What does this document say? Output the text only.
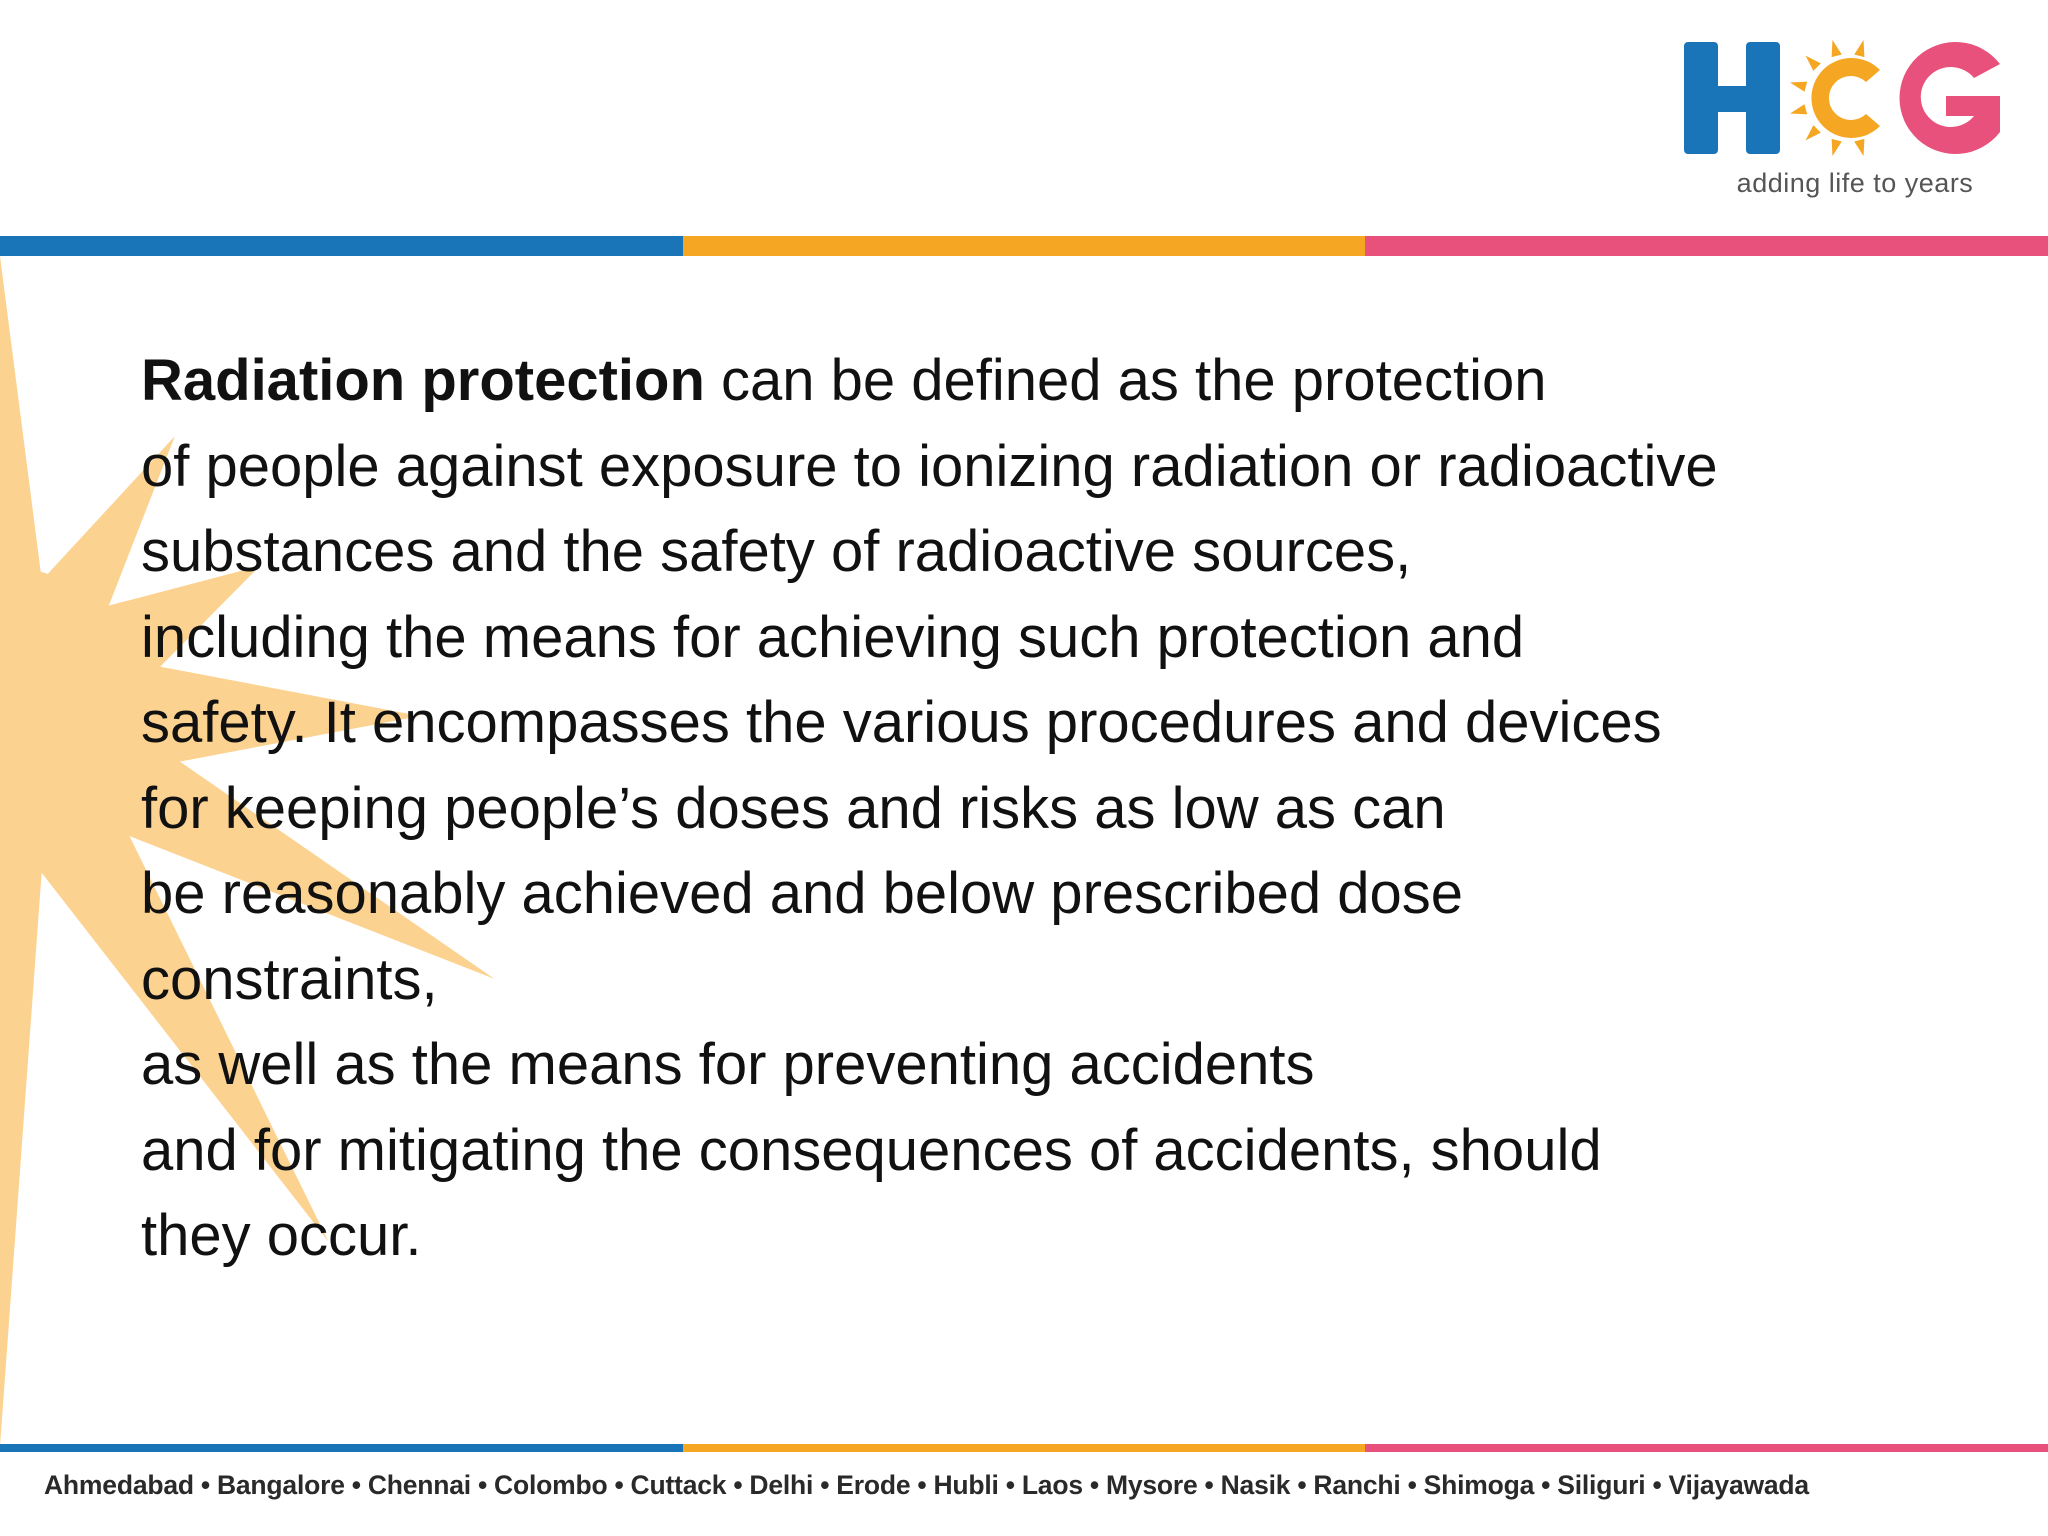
adding life to years
Radiation protection can be defined as the protection
of people against exposure to ionizing radiation or radioactive
substances and the safety of radioactive sources,
including the means for achieving such protection and
safety. It encompasses the various procedures and devices
for keeping people’s doses and risks as low as can
be reasonably achieved and below prescribed dose
constraints,
as well as the means for preventing accidents
and for mitigating the consequences of accidents, should
they occur.
Ahmedabad • Bangalore • Chennai • Colombo • Cuttack • Delhi • Erode • Hubli • Laos • Mysore • Nasik • Ranchi • Shimoga • Siliguri • Vijayawada
